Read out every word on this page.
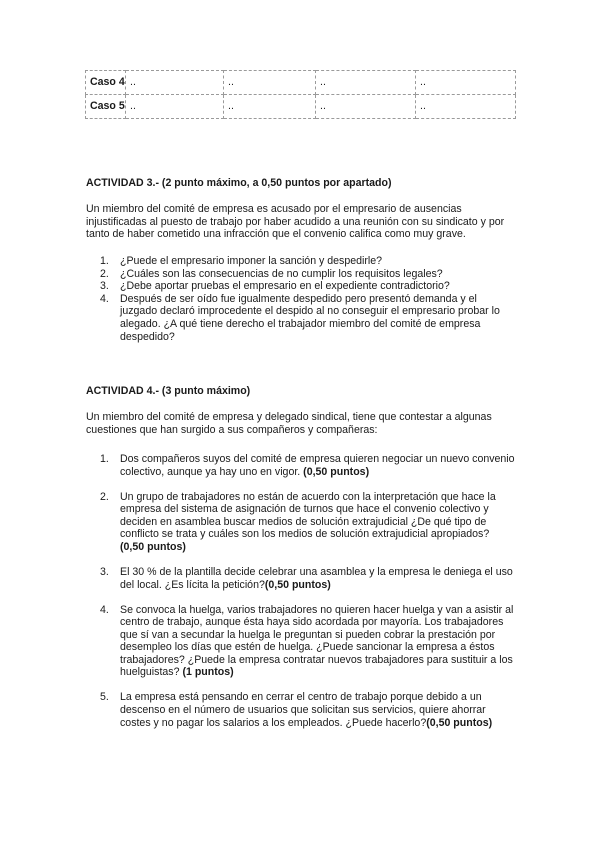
Caso 4	..	..	..	..
Caso 5	..	..	..	..
ACTIVIDAD 3.- (2 punto máximo, a 0,50 puntos por apartado)
Un miembro del comité de empresa es acusado por el empresario de ausencias injustificadas al puesto de trabajo por haber acudido a una reunión con su sindicato y por tanto de haber cometido una infracción que el convenio califica como muy grave.
1. ¿Puede el empresario imponer la sanción y despedirle?
2. ¿Cuáles son las consecuencias de no cumplir los requisitos legales?
3. ¿Debe aportar pruebas el empresario en el expediente contradictorio?
4. Después de ser oído fue igualmente despedido pero presentó demanda y el juzgado declaró improcedente el despido al no conseguir el empresario probar lo alegado. ¿A qué tiene derecho el trabajador miembro del comité de empresa despedido?
ACTIVIDAD 4.- (3 punto máximo)
Un miembro del comité de empresa y delegado sindical, tiene que contestar a algunas cuestiones que han surgido a sus compañeros y compañeras:
1. Dos compañeros suyos del comité de empresa quieren negociar un nuevo convenio colectivo, aunque ya hay uno en vigor. (0,50 puntos)
2. Un grupo de trabajadores no están de acuerdo con la interpretación que hace la empresa del sistema de asignación de turnos que hace el convenio colectivo y deciden en asamblea buscar medios de solución extrajudicial ¿De qué tipo de conflicto se trata y cuáles son los medios de solución extrajudicial apropiados? (0,50 puntos)
3. El 30 % de la plantilla decide celebrar una asamblea y la empresa le deniega el uso del local. ¿Es lícita la petición?(0,50 puntos)
4. Se convoca la huelga, varios trabajadores no quieren hacer huelga y van a asistir al centro de trabajo, aunque ésta haya sido acordada por mayoría. Los trabajadores que sí van a secundar la huelga le preguntan si pueden cobrar la prestación por desempleo los días que estén de huelga. ¿Puede sancionar la empresa a éstos trabajadores? ¿Puede la empresa contratar nuevos trabajadores para sustituir a los huelguistas? (1 puntos)
5. La empresa está pensando en cerrar el centro de trabajo porque debido a un descenso en el número de usuarios que solicitan sus servicios, quiere ahorrar costes y no pagar los salarios a los empleados. ¿Puede hacerlo?(0,50 puntos)
